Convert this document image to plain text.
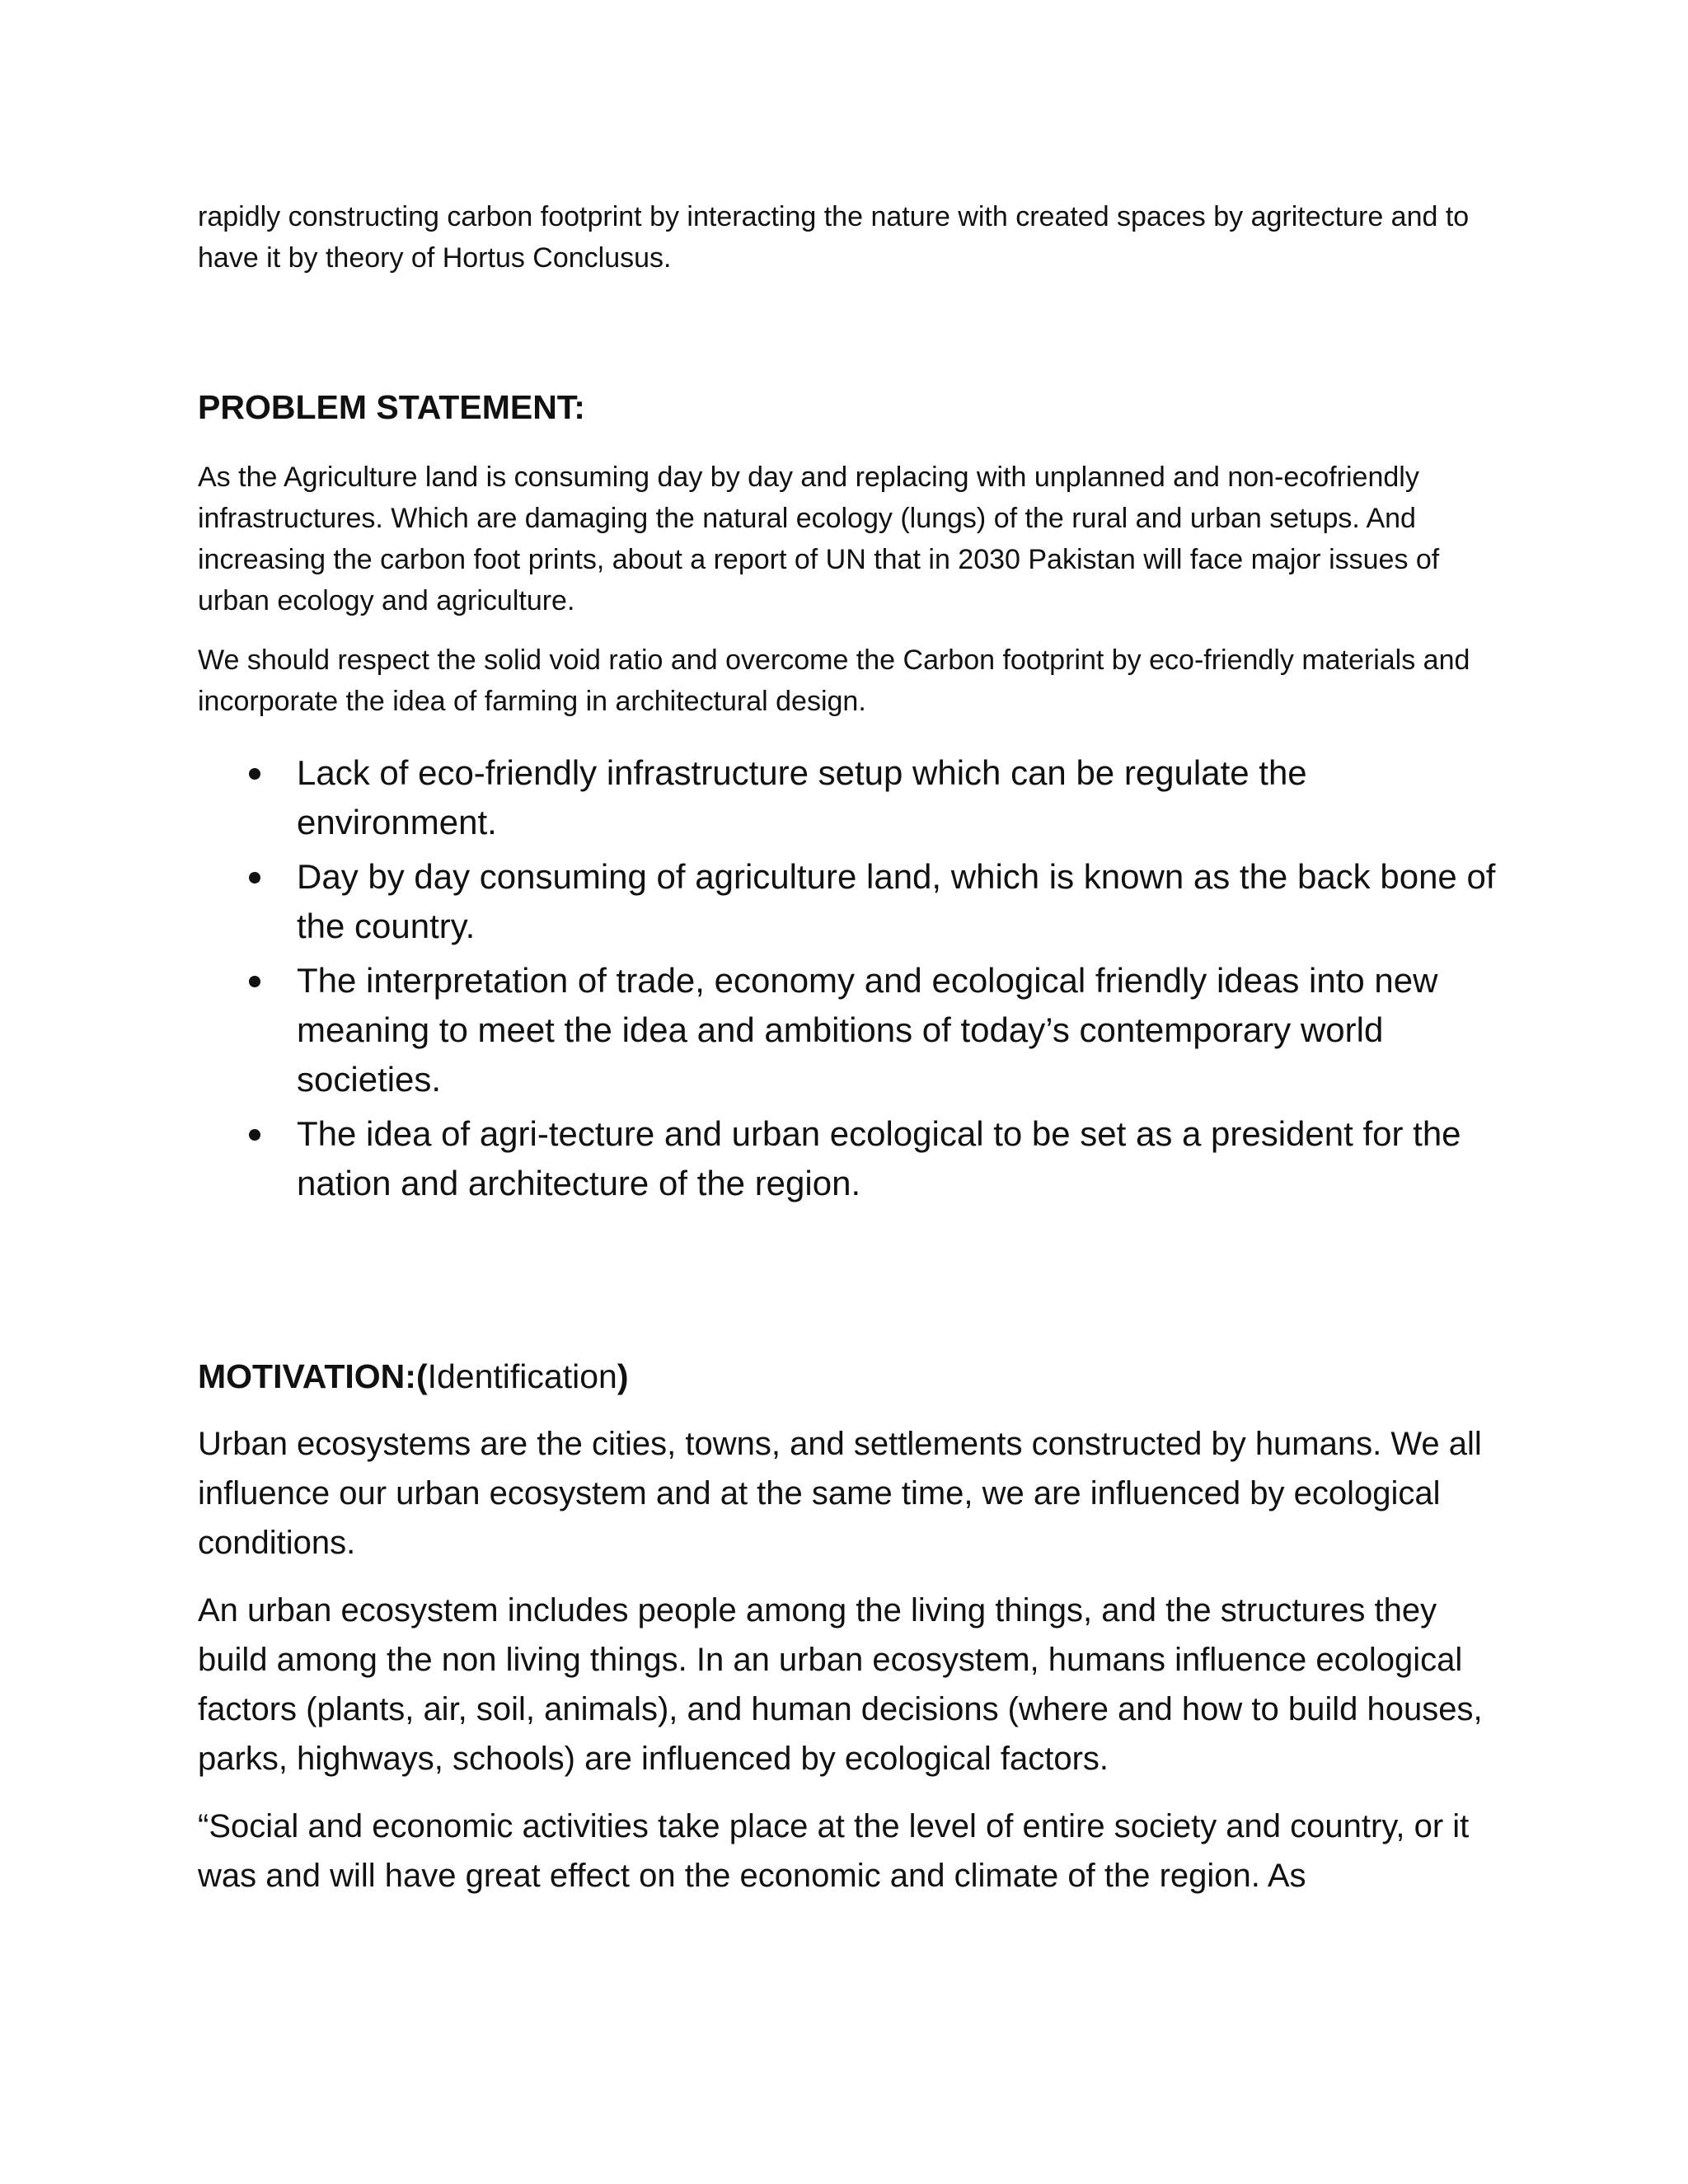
rapidly constructing carbon footprint by interacting the nature with created spaces by agritecture and to have it by theory of Hortus Conclusus.

PROBLEM STATEMENT:

As the Agriculture land is consuming day by day and replacing with unplanned and non-ecofriendly infrastructures. Which are damaging the natural ecology (lungs) of the rural and urban setups. And increasing the carbon foot prints, about a report of UN that in 2030 Pakistan will face major issues of urban ecology and agriculture.

We should respect the solid void ratio and overcome the Carbon footprint by eco-friendly materials and incorporate the idea of farming in architectural design.

Lack of eco-friendly infrastructure setup which can be regulate the environment.
Day by day consuming of agriculture land, which is known as the back bone of the country.
The interpretation of trade, economy and ecological friendly ideas into new meaning to meet the idea and ambitions of today’s contemporary world societies.
The idea of agri-tecture and urban ecological to be set as a president for the nation and architecture of the region.
MOTIVATION:(Identification)

Urban ecosystems are the cities, towns, and settlements constructed by humans. We all influence our urban ecosystem and at the same time, we are influenced by ecological conditions.

An urban ecosystem includes people among the living things, and the structures they build among the non living things. In an urban ecosystem, humans influence ecological factors (plants, air, soil, animals), and human decisions (where and how to build houses, parks, highways, schools) are influenced by ecological factors.

“Social and economic activities take place at the level of entire society and country, or it was and will have great effect on the economic and climate of the region. As
